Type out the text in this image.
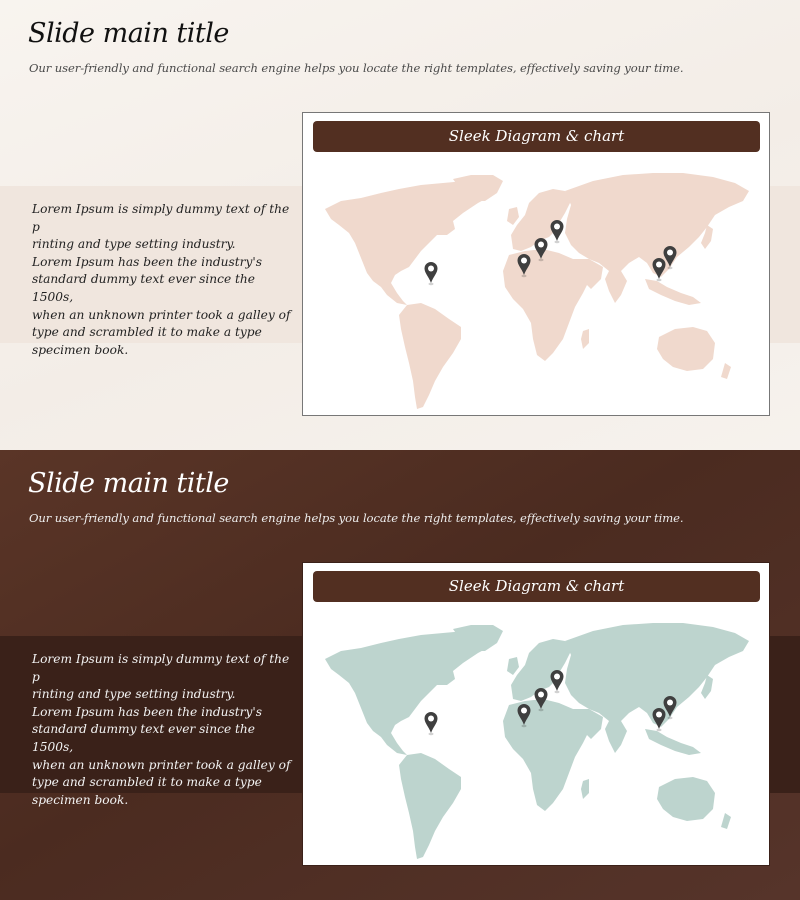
Slide main title

Our user-friendly and functional search engine helps you locate the right templates, effectively saving your time.

Lorem Ipsum is simply dummy text of the p
rinting and type setting industry.
Lorem Ipsum has been the industry's
standard dummy text ever since the 1500s,
when an unknown printer took a galley of
type and scrambled it to make a type
specimen book.

Sleek Diagram & chart
Slide main title

Our user-friendly and functional search engine helps you locate the right templates, effectively saving your time.

Lorem Ipsum is simply dummy text of the p
rinting and type setting industry.
Lorem Ipsum has been the industry's
standard dummy text ever since the 1500s,
when an unknown printer took a galley of
type and scrambled it to make a type
specimen book.

Sleek Diagram & chart
